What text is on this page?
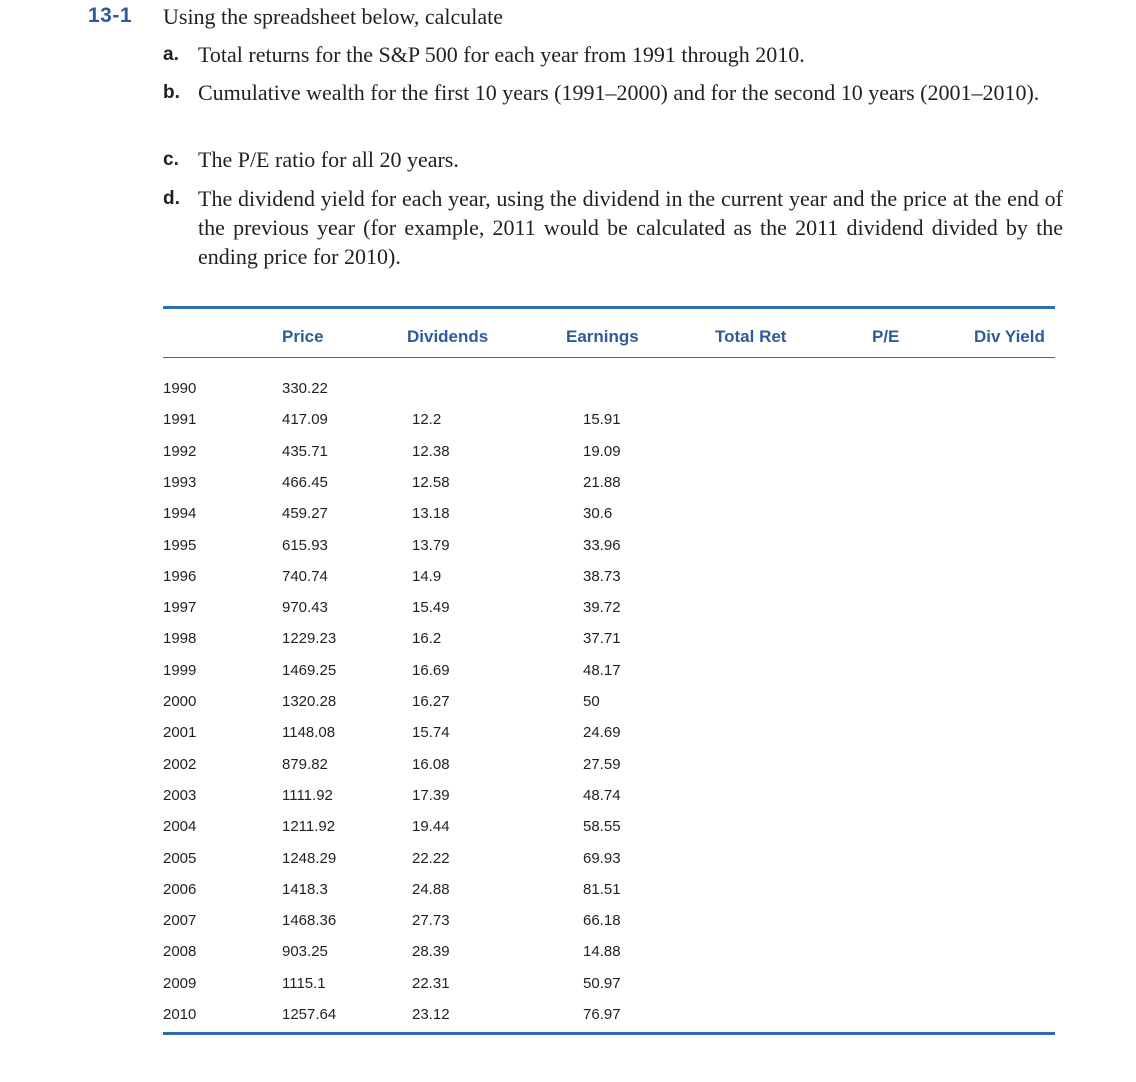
13-1 Using the spreadsheet below, calculate
a. Total returns for the S&P 500 for each year from 1991 through 2010.
b. Cumulative wealth for the first 10 years (1991–2000) and for the second 10 years (2001–2010).
c. The P/E ratio for all 20 years.
d. The dividend yield for each year, using the dividend in the current year and the price at the end of the previous year (for example, 2011 would be calculated as the 2011 dividend divided by the ending price for 2010).
Price	Dividends	Earnings	Total Ret	P/E	Div Yield
1990	330.22
1991	417.09	12.2	15.91
1992	435.71	12.38	19.09
1993	466.45	12.58	21.88
1994	459.27	13.18	30.6
1995	615.93	13.79	33.96
1996	740.74	14.9	38.73
1997	970.43	15.49	39.72
1998	1229.23	16.2	37.71
1999	1469.25	16.69	48.17
2000	1320.28	16.27	50
2001	1148.08	15.74	24.69
2002	879.82	16.08	27.59
2003	1111.92	17.39	48.74
2004	1211.92	19.44	58.55
2005	1248.29	22.22	69.93
2006	1418.3	24.88	81.51
2007	1468.36	27.73	66.18
2008	903.25	28.39	14.88
2009	1115.1	22.31	50.97
2010	1257.64	23.12	76.97
